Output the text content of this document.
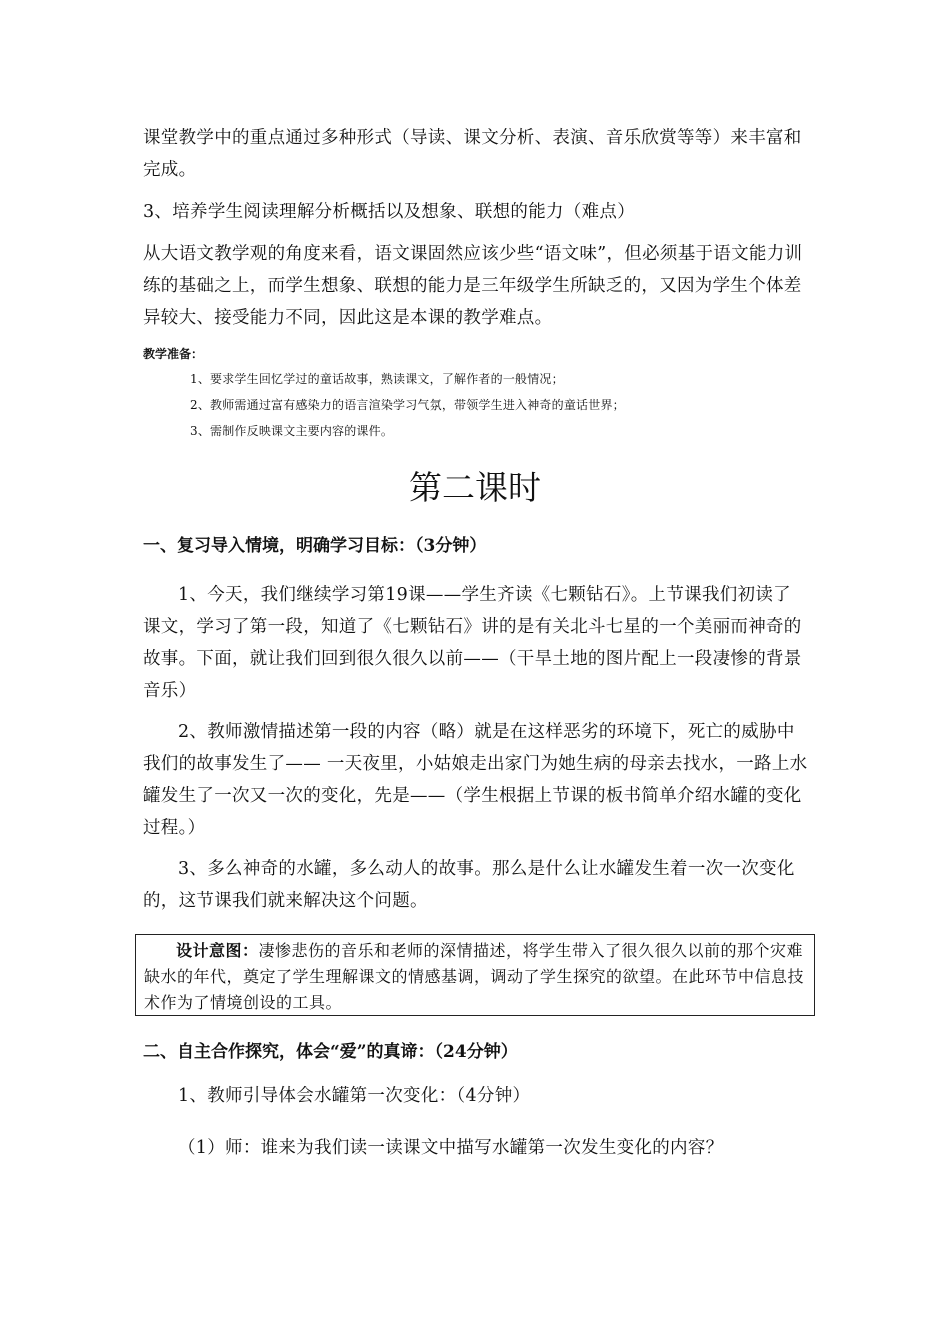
课堂教学中的重点通过多种形式（导读、课文分析、表演、音乐欣赏等等）来丰富和完成。

3、培养学生阅读理解分析概括以及想象、联想的能力（难点）

从大语文教学观的角度来看，语文课固然应该少些“语文味”，但必须基于语文能力训练的基础之上，而学生想象、联想的能力是三年级学生所缺乏的，又因为学生个体差异较大、接受能力不同，因此这是本课的教学难点。

教学准备：

1、要求学生回忆学过的童话故事，熟读课文，了解作者的一般情况；
2、教师需通过富有感染力的语言渲染学习气氛，带领学生进入神奇的童话世界；
3、需制作反映课文主要内容的课件。
第二课时

一、复习导入情境，明确学习目标：（3分钟）

1、今天，我们继续学习第19课——学生齐读《七颗钻石》。上节课我们初读了课文，学习了第一段，知道了《七颗钻石》讲的是有关北斗七星的一个美丽而神奇的故事。下面，就让我们回到很久很久以前——（干旱土地的图片配上一段凄惨的背景音乐）

2、教师激情描述第一段的内容（略）就是在这样恶劣的环境下，死亡的威胁中我们的故事发生了—— 一天夜里，小姑娘走出家门为她生病的母亲去找水，一路上水罐发生了一次又一次的变化，先是——（学生根据上节课的板书简单介绍水罐的变化过程。）

3、多么神奇的水罐，多么动人的故事。那么是什么让水罐发生着一次一次变化的，这节课我们就来解决这个问题。

设计意图：凄惨悲伤的音乐和老师的深情描述，将学生带入了很久很久以前的那个灾难缺水的年代，奠定了学生理解课文的情感基调，调动了学生探究的欲望。在此环节中信息技术作为了情境创设的工具。

二、自主合作探究，体会“爱”的真谛：（24分钟）

1、教师引导体会水罐第一次变化：（4分钟）

（1）师：谁来为我们读一读课文中描写水罐第一次发生变化的内容？
